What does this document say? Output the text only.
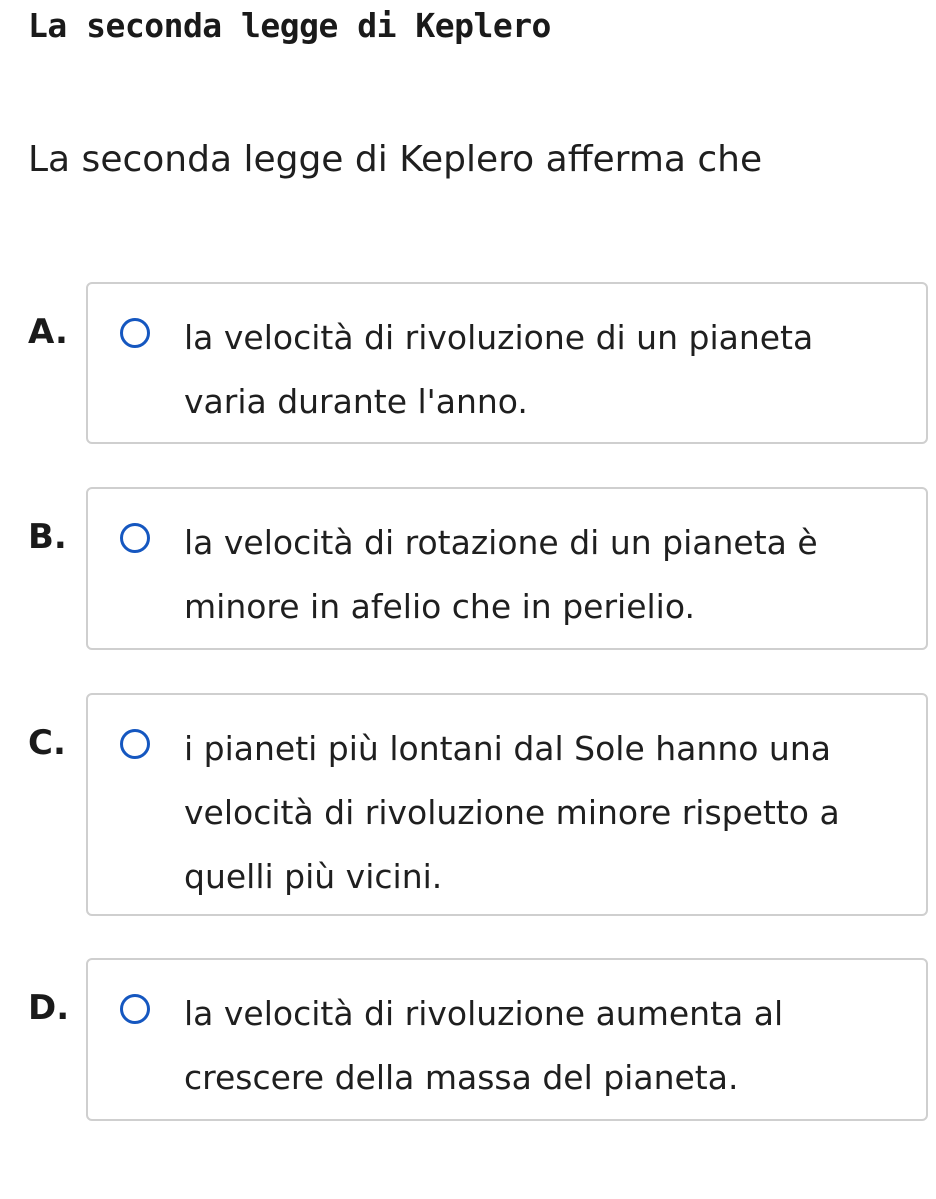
La seconda legge di Keplero

La seconda legge di Keplero afferma che

A.	la velocità di rivoluzione di un pianeta varia durante l'anno.
B.	la velocità di rotazione di un pianeta è minore in afelio che in perielio.
C.	i pianeti più lontani dal Sole hanno una velocità di rivoluzione minore rispetto a quelli più vicini.
D.	la velocità di rivoluzione aumenta al crescere della massa del pianeta.
